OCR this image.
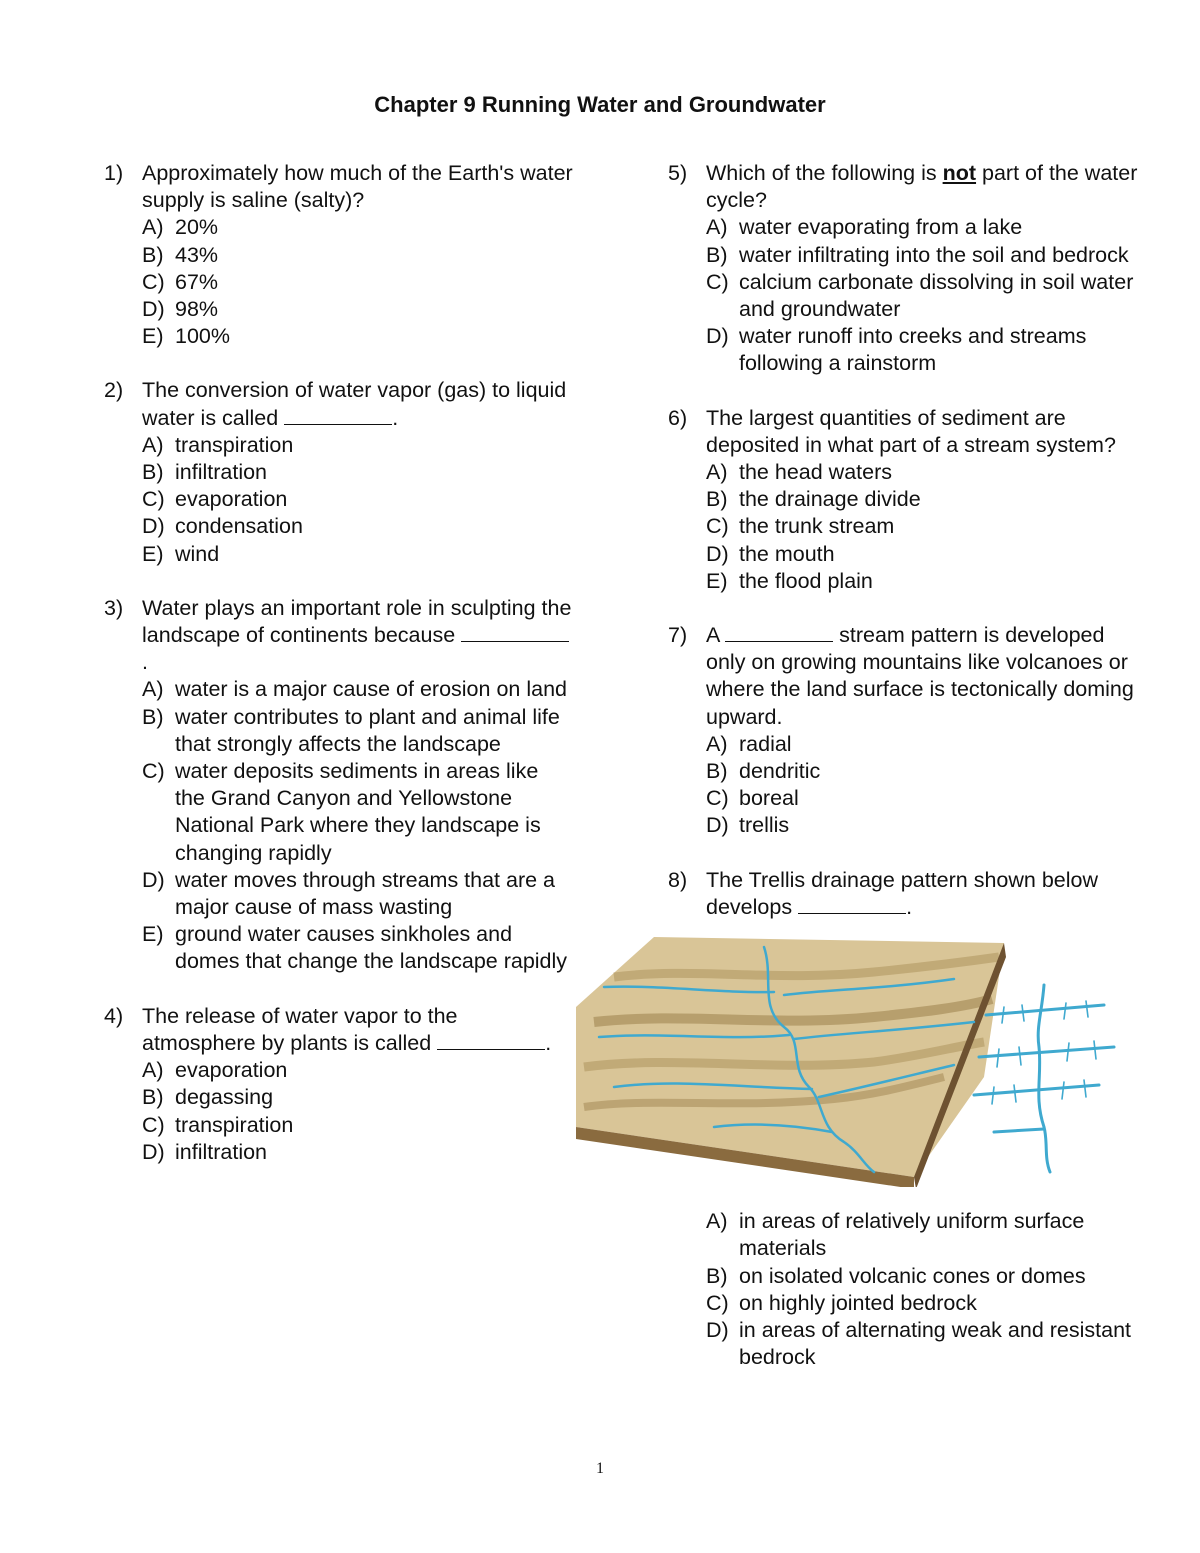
Chapter 9 Running Water and Groundwater
1) Approximately how much of the Earth's water supply is saline (salty)?
A) 20%
B) 43%
C) 67%
D) 98%
E) 100%
2) The conversion of water vapor (gas) to liquid water is called	.
A) transpiration
B) infiltration
C) evaporation
D) condensation
E) wind
3) Water plays an important role in sculpting the landscape of continents because .
A) water is a major cause of erosion on land
B) water contributes to plant and animal life that strongly affects the landscape
C) water deposits sediments in areas like the Grand Canyon and Yellowstone National Park where they landscape is changing rapidly
D) water moves through streams that are a major cause of mass wasting
E) ground water causes sinkholes and domes that change the landscape rapidly
4) The release of water vapor to the atmosphere by plants is called	.
A) evaporation
B) degassing
C) transpiration
D) infiltration
5) Which of the following is not part of the water cycle?
A) water evaporating from a lake
B) water infiltrating into the soil and bedrock
C) calcium carbonate dissolving in soil water and groundwater
D) water runoff into creeks and streams following a rainstorm
6) The largest quantities of sediment are deposited in what part of a stream system?
A) the head waters
B) the drainage divide
C) the trunk stream
D) the mouth
E) the flood plain
7) A	stream pattern is developed only on growing mountains like volcanoes or where the land surface is tectonically doming upward.
A) radial
B) dendritic
C) boreal
D) trellis
8) The Trellis drainage pattern shown below develops	.
A) in areas of relatively uniform surface materials
B) on isolated volcanic cones or domes
C) on highly jointed bedrock
D) in areas of alternating weak and resistant bedrock
1
